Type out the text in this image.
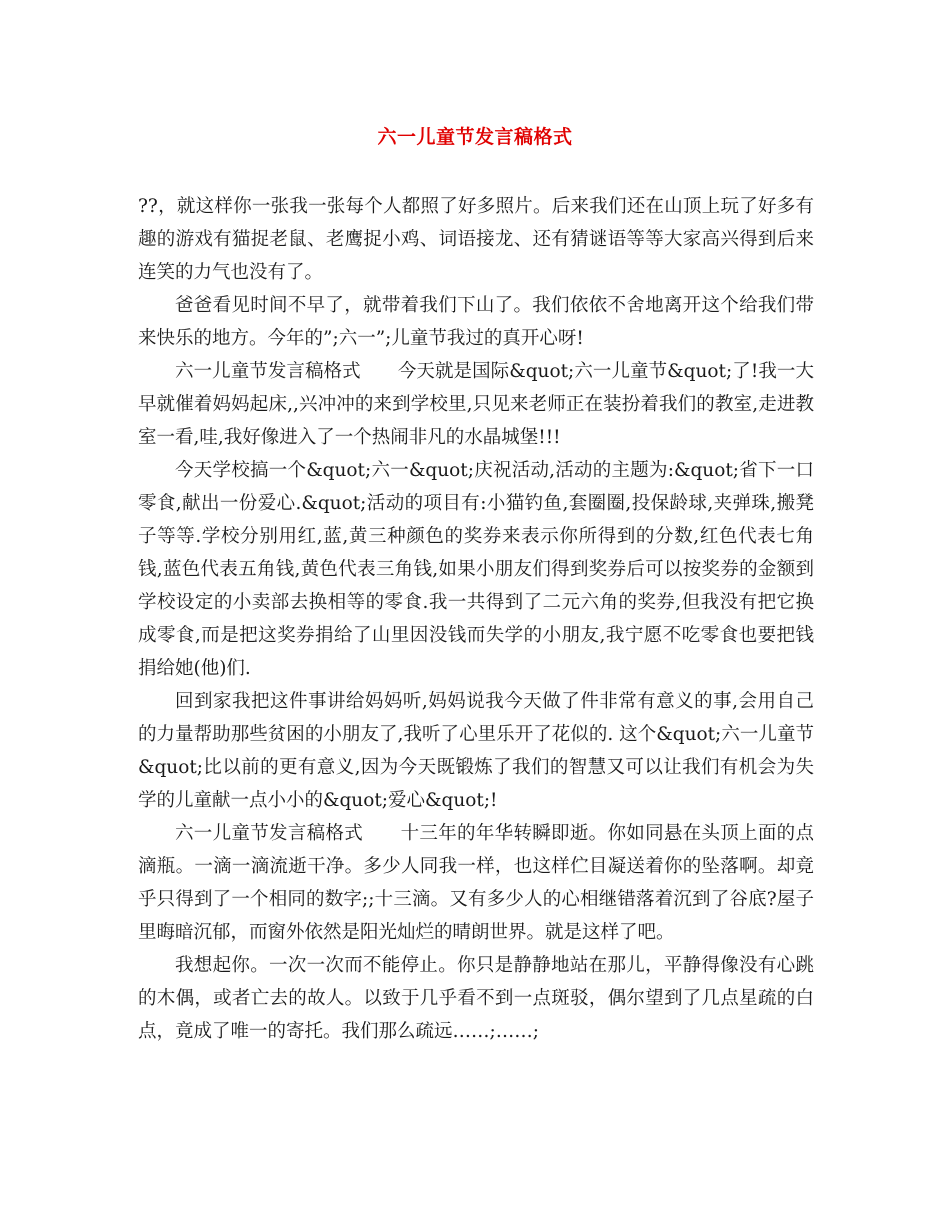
六一儿童节发言稿格式

??，就这样你一张我一张每个人都照了好多照片。后来我们还在山顶上玩了好多有趣的游戏有猫捉老鼠、老鹰捉小鸡、词语接龙、还有猜谜语等等大家高兴得到后来连笑的力气也没有了。

爸爸看见时间不早了，就带着我们下山了。我们依依不舍地离开这个给我们带来快乐的地方。今年的”;六一”;儿童节我过的真开心呀!

六一儿童节发言稿格式　　今天就是国际&quot;六一儿童节&quot;了!我一大早就催着妈妈起床,,兴冲冲的来到学校里,只见来老师正在装扮着我们的教室,走进教室一看,哇,我好像进入了一个热闹非凡的水晶城堡!!!

今天学校搞一个&quot;六一&quot;庆祝活动,活动的主题为:&quot;省下一口零食,献出一份爱心.&quot;活动的项目有:小猫钓鱼,套圈圈,投保龄球,夹弹珠,搬凳子等等.学校分别用红,蓝,黄三种颜色的奖券来表示你所得到的分数,红色代表七角钱,蓝色代表五角钱,黄色代表三角钱,如果小朋友们得到奖券后可以按奖券的金额到学校设定的小卖部去换相等的零食.我一共得到了二元六角的奖券,但我没有把它换成零食,而是把这奖券捐给了山里因没钱而失学的小朋友,我宁愿不吃零食也要把钱捐给她(他)们.

回到家我把这件事讲给妈妈听,妈妈说我今天做了件非常有意义的事,会用自己的力量帮助那些贫困的小朋友了,我听了心里乐开了花似的. 这个&quot;六一儿童节&quot;比以前的更有意义,因为今天既锻炼了我们的智慧又可以让我们有机会为失学的儿童献一点小小的&quot;爱心&quot;!

六一儿童节发言稿格式　　十三年的年华转瞬即逝。你如同悬在头顶上面的点滴瓶。一滴一滴流逝干净。多少人同我一样，也这样伫目凝送着你的坠落啊。却竟乎只得到了一个相同的数字;;十三滴。又有多少人的心相继错落着沉到了谷底?屋子里晦暗沉郁，而窗外依然是阳光灿烂的晴朗世界。就是这样了吧。

我想起你。一次一次而不能停止。你只是静静地站在那儿，平静得像没有心跳的木偶，或者亡去的故人。以致于几乎看不到一点斑驳，偶尔望到了几点星疏的白点，竟成了唯一的寄托。我们那么疏远……;……;
